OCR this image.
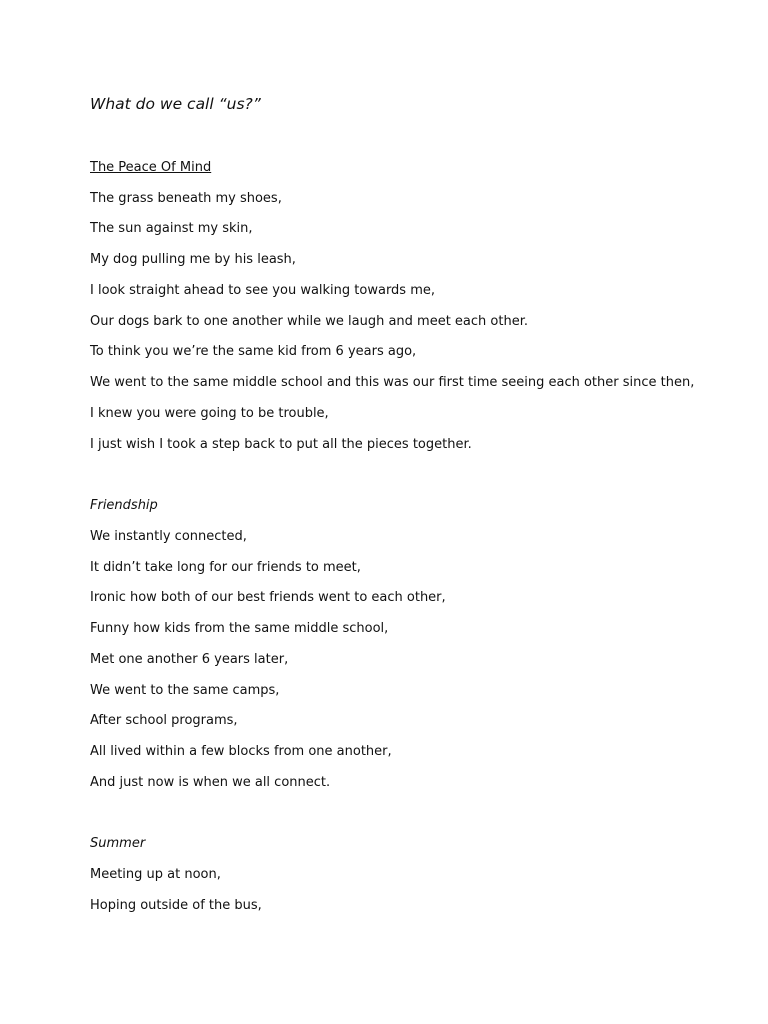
What do we call “us?”
The Peace Of Mind
The grass beneath my shoes,
The sun against my skin,
My dog pulling me by his leash,
I look straight ahead to see you walking towards me,
Our dogs bark to one another while we laugh and meet each other.
To think you we’re the same kid from 6 years ago,
We went to the same middle school and this was our first time seeing each other since then,
I knew you were going to be trouble,
I just wish I took a step back to put all the pieces together.
Friendship
We instantly connected,
It didn’t take long for our friends to meet,
Ironic how both of our best friends went to each other,
Funny how kids from the same middle school,
Met one another 6 years later,
We went to the same camps,
After school programs,
All lived within a few blocks from one another,
And just now is when we all connect.
Summer
Meeting up at noon,
Hoping outside of the bus,
